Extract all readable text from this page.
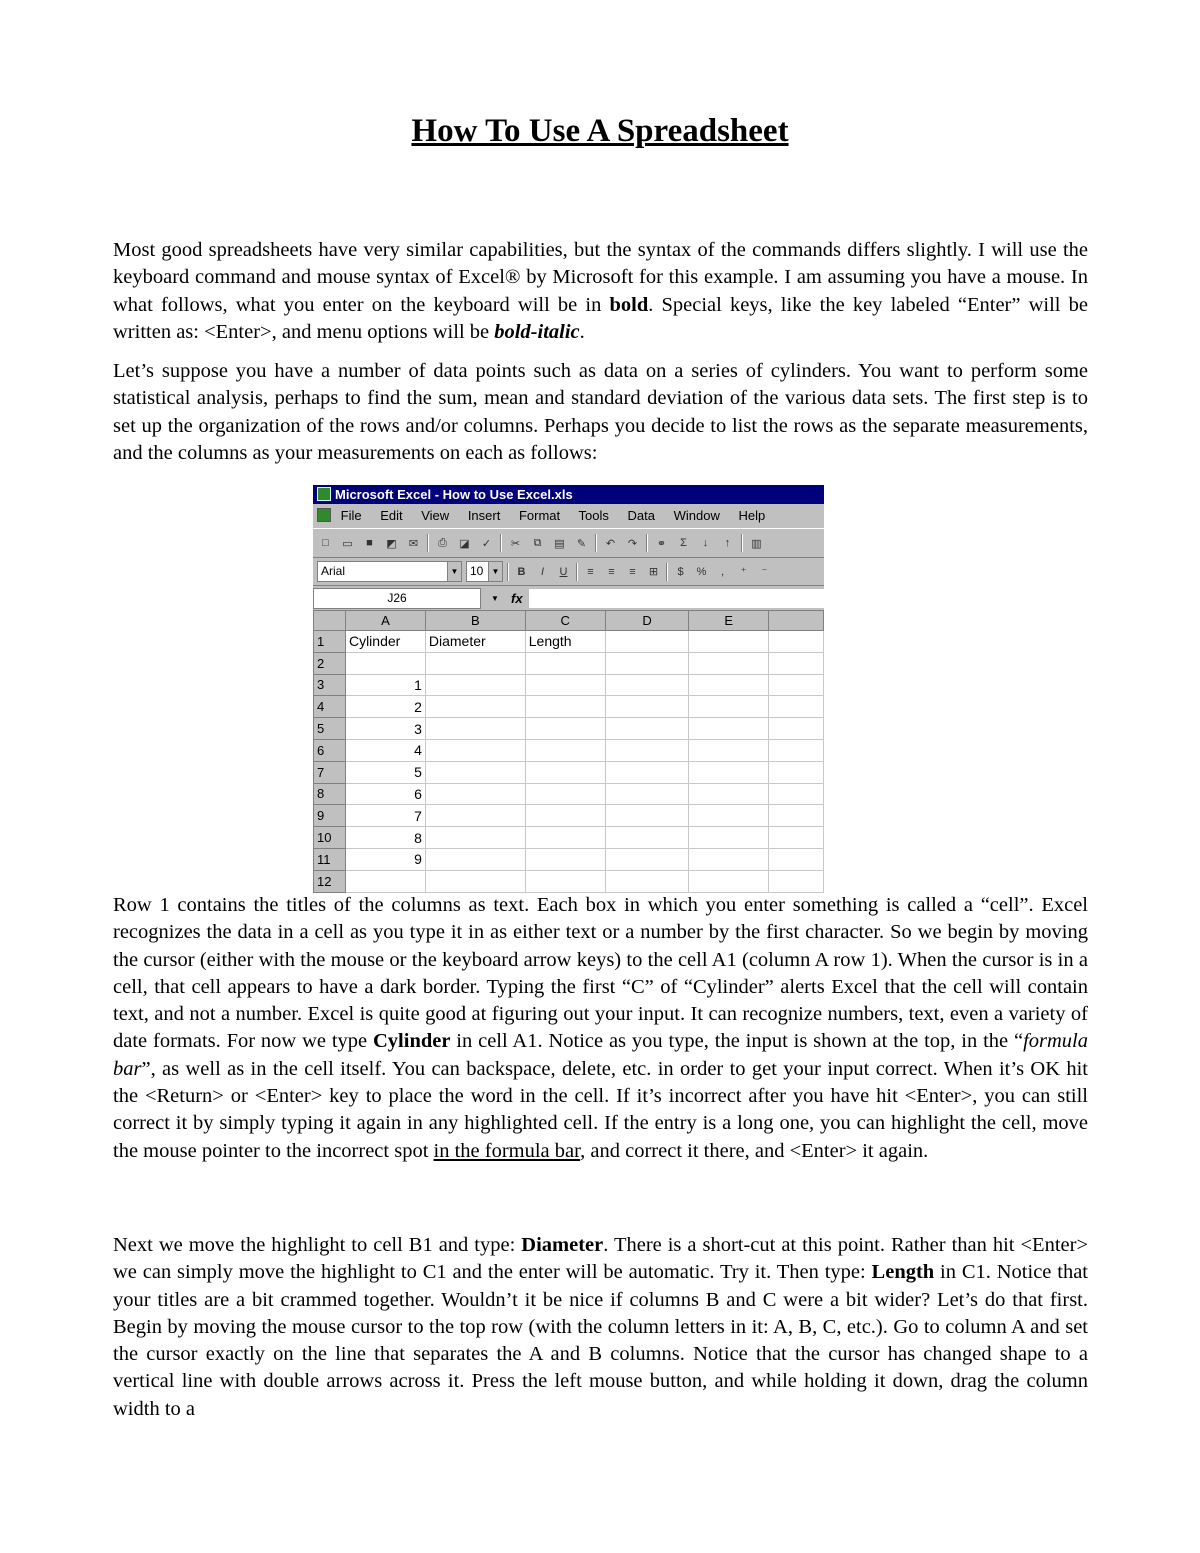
How To Use A Spreadsheet

Most good spreadsheets have very similar capabilities, but the syntax of the commands differs slightly. I will use the keyboard command and mouse syntax of Excel® by Microsoft for this example. I am assuming you have a mouse. In what follows, what you enter on the keyboard will be in bold. Special keys, like the key labeled “Enter” will be written as: <Enter>, and menu options will be bold-italic.

Let’s suppose you have a number of data points such as data on a series of cylinders. You want to perform some statistical analysis, perhaps to find the sum, mean and standard deviation of the various data sets. The first step is to set up the organization of the rows and/or columns. Perhaps you decide to list the rows as the separate measurements, and the columns as your measurements on each as follows:

Microsoft Excel - How to Use Excel.xls
File Edit View Insert Format Tools Data Window Help
□	▭	■	◩	✉	⎙	◪	✓	✂	⧉	▤	✎	↶	↷	⚭	Σ	↓	↑	▥
Arial	▼ 10	▼	B	I	U	≡	≡	≡	⊞	$	%	,	⁺	⁻
J26	▼ fx
	A	B	C	D	E	
1	Cylinder	Diameter	Length			
2						
3	1					
4	2					
5	3					
6	4					
7	5					
8	6					
9	7					
10	8					
11	9					
12						

Row 1 contains the titles of the columns as text. Each box in which you enter something is called a “cell”. Excel recognizes the data in a cell as you type it in as either text or a number by the first character. So we begin by moving the cursor (either with the mouse or the keyboard arrow keys) to the cell A1 (column A row 1). When the cursor is in a cell, that cell appears to have a dark border. Typing the first “C” of “Cylinder” alerts Excel that the cell will contain text, and not a number. Excel is quite good at figuring out your input. It can recognize numbers, text, even a variety of date formats. For now we type Cylinder in cell A1. Notice as you type, the input is shown at the top, in the “formula bar”, as well as in the cell itself. You can backspace, delete, etc. in order to get your input correct. When it’s OK hit the <Return> or <Enter> key to place the word in the cell. If it’s incorrect after you have hit <Enter>, you can still correct it by simply typing it again in any highlighted cell. If the entry is a long one, you can highlight the cell, move the mouse pointer to the incorrect spot in the formula bar, and correct it there, and <Enter> it again.

Next we move the highlight to cell B1 and type: Diameter. There is a short-cut at this point. Rather than hit <Enter> we can simply move the highlight to C1 and the enter will be automatic. Try it. Then type: Length in C1. Notice that your titles are a bit crammed together. Wouldn’t it be nice if columns B and C were a bit wider? Let’s do that first. Begin by moving the mouse cursor to the top row (with the column letters in it: A, B, C, etc.). Go to column A and set the cursor exactly on the line that separates the A and B columns. Notice that the cursor has changed shape to a vertical line with double arrows across it. Press the left mouse button, and while holding it down, drag the column width to a
